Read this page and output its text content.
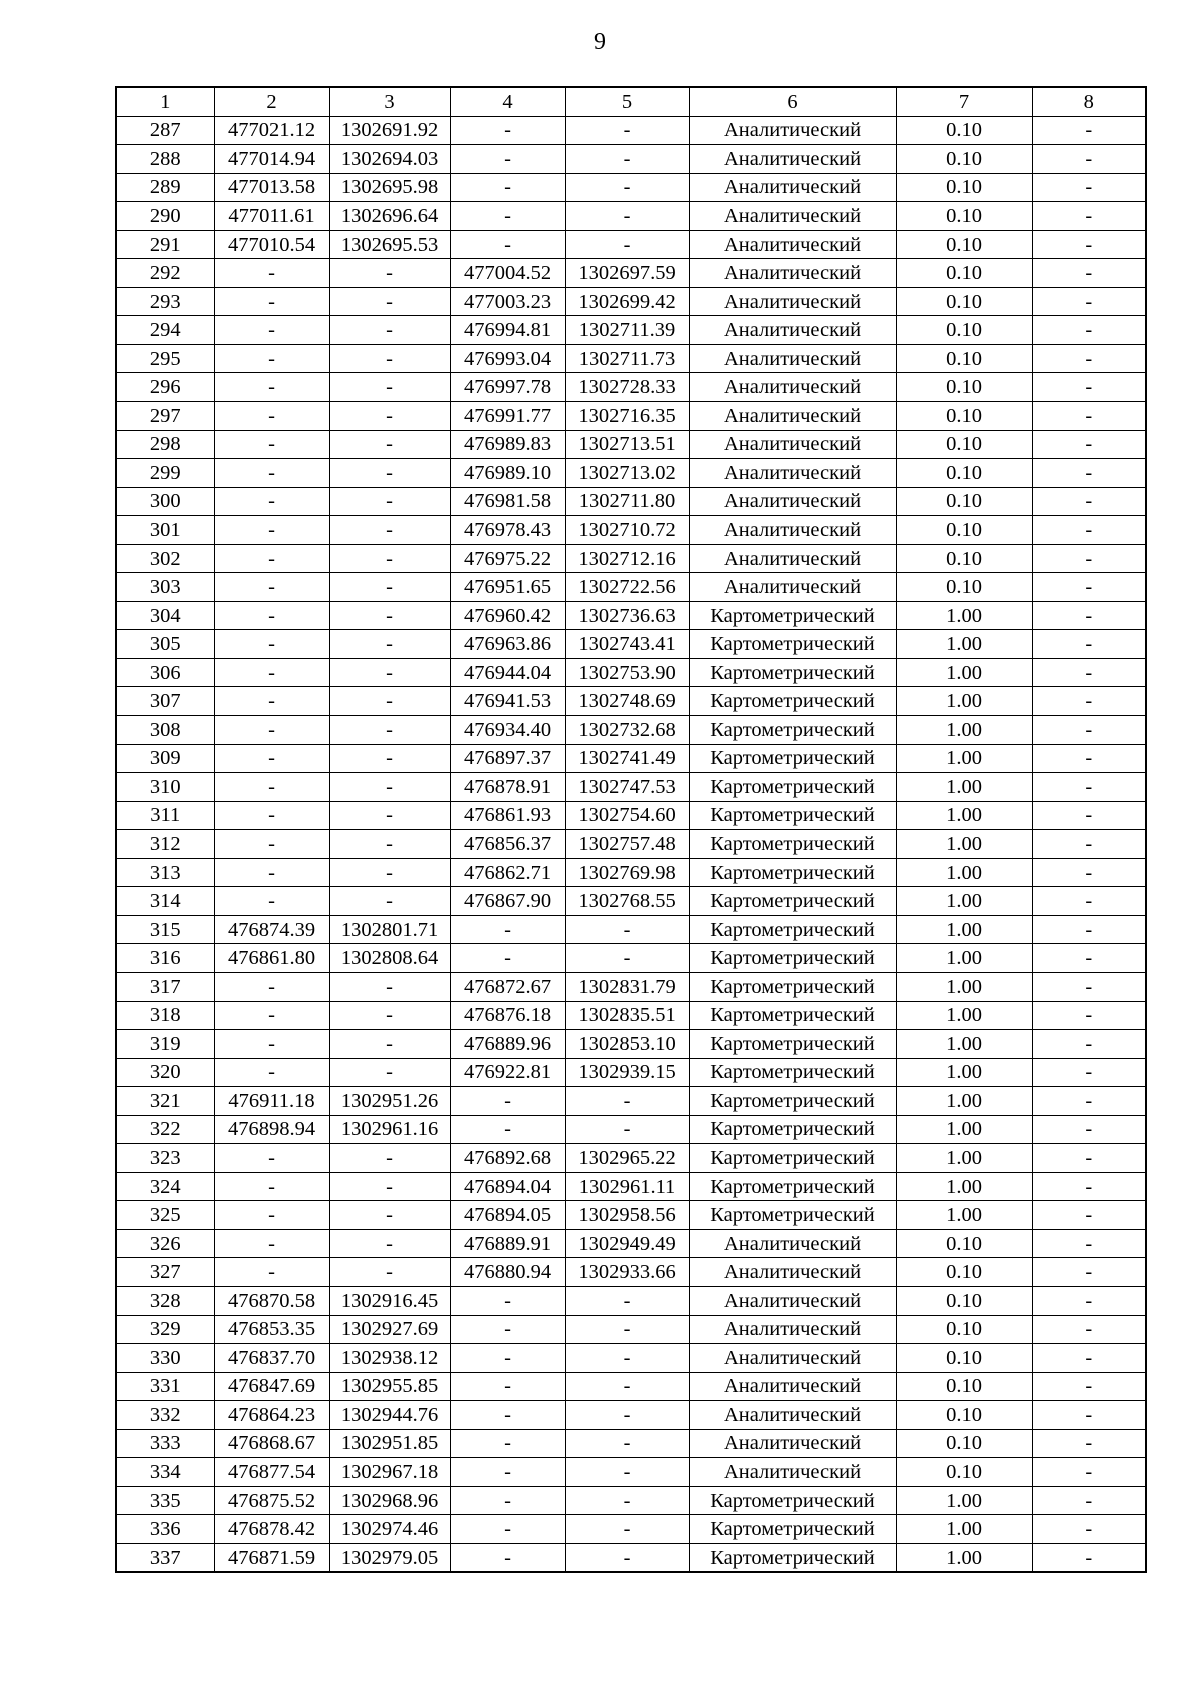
9
1	2	3	4	5	6	7	8
287	477021.12	1302691.92	-	-	Аналитический	0.10	-
288	477014.94	1302694.03	-	-	Аналитический	0.10	-
289	477013.58	1302695.98	-	-	Аналитический	0.10	-
290	477011.61	1302696.64	-	-	Аналитический	0.10	-
291	477010.54	1302695.53	-	-	Аналитический	0.10	-
292	-	-	477004.52	1302697.59	Аналитический	0.10	-
293	-	-	477003.23	1302699.42	Аналитический	0.10	-
294	-	-	476994.81	1302711.39	Аналитический	0.10	-
295	-	-	476993.04	1302711.73	Аналитический	0.10	-
296	-	-	476997.78	1302728.33	Аналитический	0.10	-
297	-	-	476991.77	1302716.35	Аналитический	0.10	-
298	-	-	476989.83	1302713.51	Аналитический	0.10	-
299	-	-	476989.10	1302713.02	Аналитический	0.10	-
300	-	-	476981.58	1302711.80	Аналитический	0.10	-
301	-	-	476978.43	1302710.72	Аналитический	0.10	-
302	-	-	476975.22	1302712.16	Аналитический	0.10	-
303	-	-	476951.65	1302722.56	Аналитический	0.10	-
304	-	-	476960.42	1302736.63	Картометрический	1.00	-
305	-	-	476963.86	1302743.41	Картометрический	1.00	-
306	-	-	476944.04	1302753.90	Картометрический	1.00	-
307	-	-	476941.53	1302748.69	Картометрический	1.00	-
308	-	-	476934.40	1302732.68	Картометрический	1.00	-
309	-	-	476897.37	1302741.49	Картометрический	1.00	-
310	-	-	476878.91	1302747.53	Картометрический	1.00	-
311	-	-	476861.93	1302754.60	Картометрический	1.00	-
312	-	-	476856.37	1302757.48	Картометрический	1.00	-
313	-	-	476862.71	1302769.98	Картометрический	1.00	-
314	-	-	476867.90	1302768.55	Картометрический	1.00	-
315	476874.39	1302801.71	-	-	Картометрический	1.00	-
316	476861.80	1302808.64	-	-	Картометрический	1.00	-
317	-	-	476872.67	1302831.79	Картометрический	1.00	-
318	-	-	476876.18	1302835.51	Картометрический	1.00	-
319	-	-	476889.96	1302853.10	Картометрический	1.00	-
320	-	-	476922.81	1302939.15	Картометрический	1.00	-
321	476911.18	1302951.26	-	-	Картометрический	1.00	-
322	476898.94	1302961.16	-	-	Картометрический	1.00	-
323	-	-	476892.68	1302965.22	Картометрический	1.00	-
324	-	-	476894.04	1302961.11	Картометрический	1.00	-
325	-	-	476894.05	1302958.56	Картометрический	1.00	-
326	-	-	476889.91	1302949.49	Аналитический	0.10	-
327	-	-	476880.94	1302933.66	Аналитический	0.10	-
328	476870.58	1302916.45	-	-	Аналитический	0.10	-
329	476853.35	1302927.69	-	-	Аналитический	0.10	-
330	476837.70	1302938.12	-	-	Аналитический	0.10	-
331	476847.69	1302955.85	-	-	Аналитический	0.10	-
332	476864.23	1302944.76	-	-	Аналитический	0.10	-
333	476868.67	1302951.85	-	-	Аналитический	0.10	-
334	476877.54	1302967.18	-	-	Аналитический	0.10	-
335	476875.52	1302968.96	-	-	Картометрический	1.00	-
336	476878.42	1302974.46	-	-	Картометрический	1.00	-
337	476871.59	1302979.05	-	-	Картометрический	1.00	-
